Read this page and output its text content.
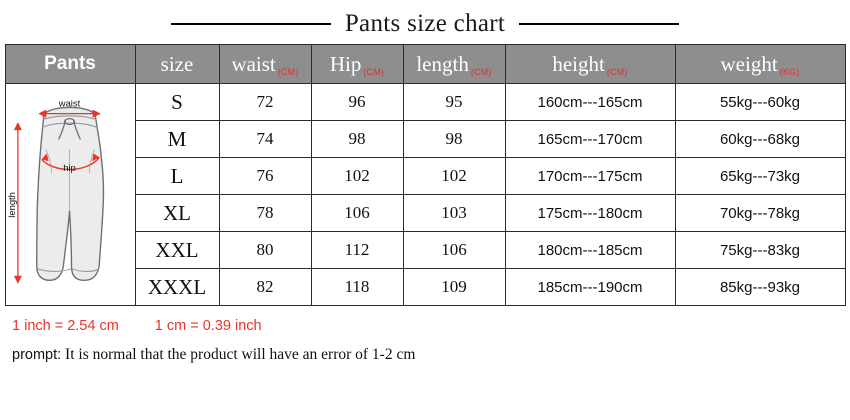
Pants size chart
Pants	size	waist (CM)	Hip (CM)	length (CM)	height (CM)	weight (KG)

waist
hip
length	S	72	96	95	160cm---165cm	55kg---60kg
	M	74	98	98	165cm---170cm	60kg---68kg
	L	76	102	102	170cm---175cm	65kg---73kg
	XL	78	106	103	175cm---180cm	70kg---78kg
	XXL	80	112	106	180cm---185cm	75kg---83kg
	XXXL	82	118	109	185cm---190cm	85kg---93kg
1 inch = 2.54 cm 1 cm = 0.39 inch
prompt: It is normal that the product will have an error of 1-2 cm
